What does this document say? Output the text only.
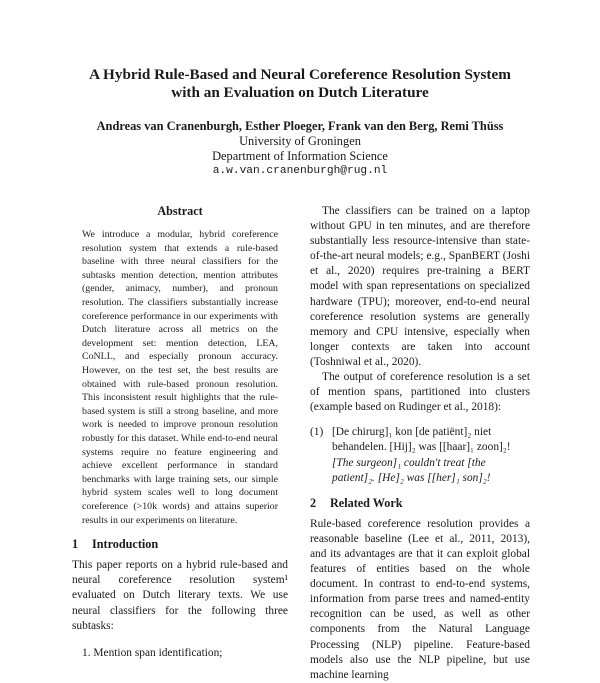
A Hybrid Rule-Based and Neural Coreference Resolution System
with an Evaluation on Dutch Literature
Andreas van Cranenburgh, Esther Ploeger, Frank van den Berg, Remi Thüss
University of Groningen
Department of Information Science
a.w.van.cranenburgh@rug.nl
Abstract
We introduce a modular, hybrid coreference resolution system that extends a rule-based baseline with three neural classifiers for the subtasks mention detection, mention attributes (gender, animacy, number), and pronoun resolution. The classifiers substantially increase coreference performance in our experiments with Dutch literature across all metrics on the development set: mention detection, LEA, CoNLL, and especially pronoun accuracy. However, on the test set, the best results are obtained with rule-based pronoun resolution. This inconsistent result highlights that the rule-based system is still a strong baseline, and more work is needed to improve pronoun resolution robustly for this dataset. While end-to-end neural systems require no feature engineering and achieve excellent performance in standard benchmarks with large training sets, our simple hybrid system scales well to long document coreference (>10k words) and attains superior results in our experiments on literature.
1 Introduction

This paper reports on a hybrid rule-based and neural coreference resolution system¹ evaluated on Dutch literary texts. We use neural classifiers for the following three subtasks:

1. Mention span identification;

The classifiers can be trained on a laptop without GPU in ten minutes, and are therefore substantially less resource-intensive than state-of-the-art neural models; e.g., SpanBERT (Joshi et al., 2020) requires pre-training a BERT model with span representations on specialized hardware (TPU); moreover, end-to-end neural coreference resolution systems are generally memory and CPU intensive, especially when longer contexts are taken into account (Toshniwal et al., 2020).

The output of coreference resolution is a set of mention spans, partitioned into clusters (example based on Rudinger et al., 2018):

(1) [De chirurg]₁ kon [de patiënt]₂ niet behandelen. [Hij]₂ was [[haar]₁ zoon]₂!
[The surgeon]₁ couldn't treat [the patient]₂. [He]₂ was [[her]₁ son]₂!
2 Related Work

Rule-based coreference resolution provides a reasonable baseline (Lee et al., 2011, 2013), and its advantages are that it can exploit global features of entities based on the whole document. In contrast to end-to-end systems, information from parse trees and named-entity recognition can be used, as well as other components from the Natural Language Processing (NLP) pipeline. Feature-based models also use the NLP pipeline, but use machine learning
